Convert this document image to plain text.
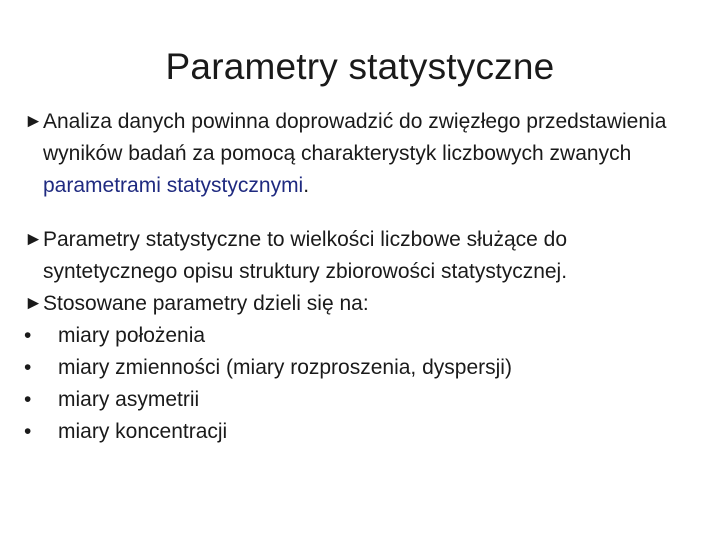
Parametry statystyczne

► Analiza danych powinna doprowadzić do zwięzłego przedstawienia wyników badań za pomocą charakterystyk liczbowych zwanych parametrami statystycznymi.

► Parametry statystyczne to wielkości liczbowe służące do syntetycznego opisu struktury zbiorowości statystycznej.

► Stosowane parametry dzieli się na:

• miary położenia

• miary zmienności (miary rozproszenia, dyspersji)

• miary asymetrii

• miary koncentracji
